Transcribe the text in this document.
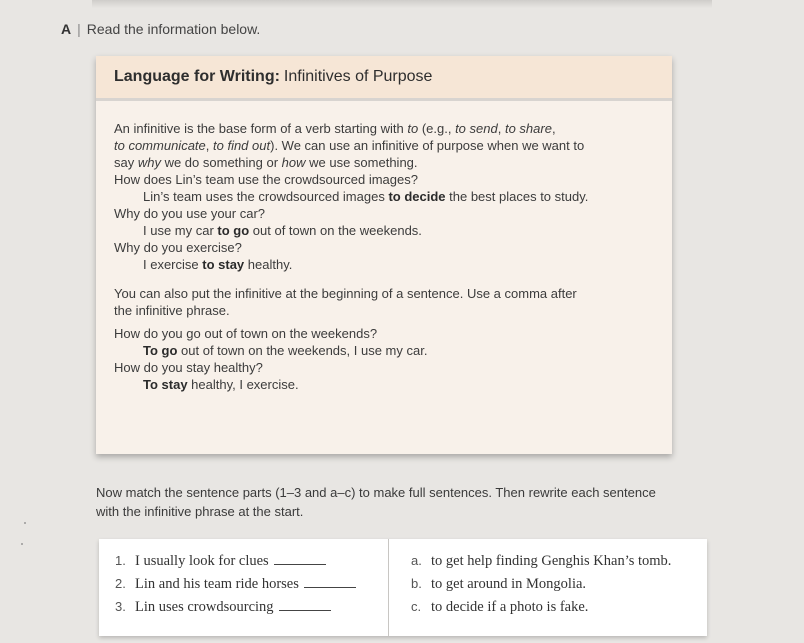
A | Read the information below.
Language for Writing: Infinitives of Purpose

An infinitive is the base form of a verb starting with to (e.g., to send, to share,
to communicate, to find out). We can use an infinitive of purpose when we want to
say why we do something or how we use something.

How does Lin’s team use the crowdsourced images?

Lin’s team uses the crowdsourced images to decide the best places to study.

Why do you use your car?

I use my car to go out of town on the weekends.

Why do you exercise?

I exercise to stay healthy.

You can also put the infinitive at the beginning of a sentence. Use a comma after
the infinitive phrase.

How do you go out of town on the weekends?

To go out of town on the weekends, I use my car.

How do you stay healthy?

To stay healthy, I exercise.

Now match the sentence parts (1–3 and a–c) to make full sentences. Then rewrite each sentence
with the infinitive phrase at the start.
1. I usually look for clues
2. Lin and his team ride horses
3. Lin uses crowdsourcing
a. to get help finding Genghis Khan’s tomb.
b. to get around in Mongolia.
c. to decide if a photo is fake.
